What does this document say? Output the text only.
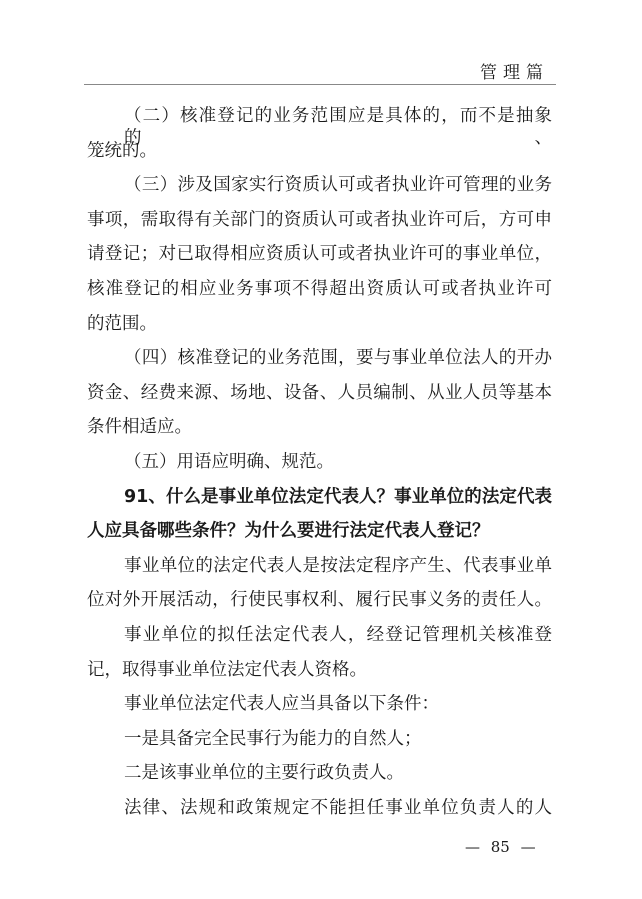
管理篇
（二）核准登记的业务范围应是具体的，而不是抽象的、
笼统的。
（三）涉及国家实行资质认可或者执业许可管理的业务
事项，需取得有关部门的资质认可或者执业许可后，方可申
请登记；对已取得相应资质认可或者执业许可的事业单位，
核准登记的相应业务事项不得超出资质认可或者执业许可
的范围。
（四）核准登记的业务范围，要与事业单位法人的开办
资金、经费来源、场地、设备、人员编制、从业人员等基本
条件相适应。
（五）用语应明确、规范。
91、什么是事业单位法定代表人？事业单位的法定代表
人应具备哪些条件？为什么要进行法定代表人登记？
事业单位的法定代表人是按法定程序产生、代表事业单
位对外开展活动，行使民事权利、履行民事义务的责任人。
事业单位的拟任法定代表人，经登记管理机关核准登
记，取得事业单位法定代表人资格。
事业单位法定代表人应当具备以下条件：
一是具备完全民事行为能力的自然人；
二是该事业单位的主要行政负责人。
法律、法规和政策规定不能担任事业单位负责人的人
— 85 —
